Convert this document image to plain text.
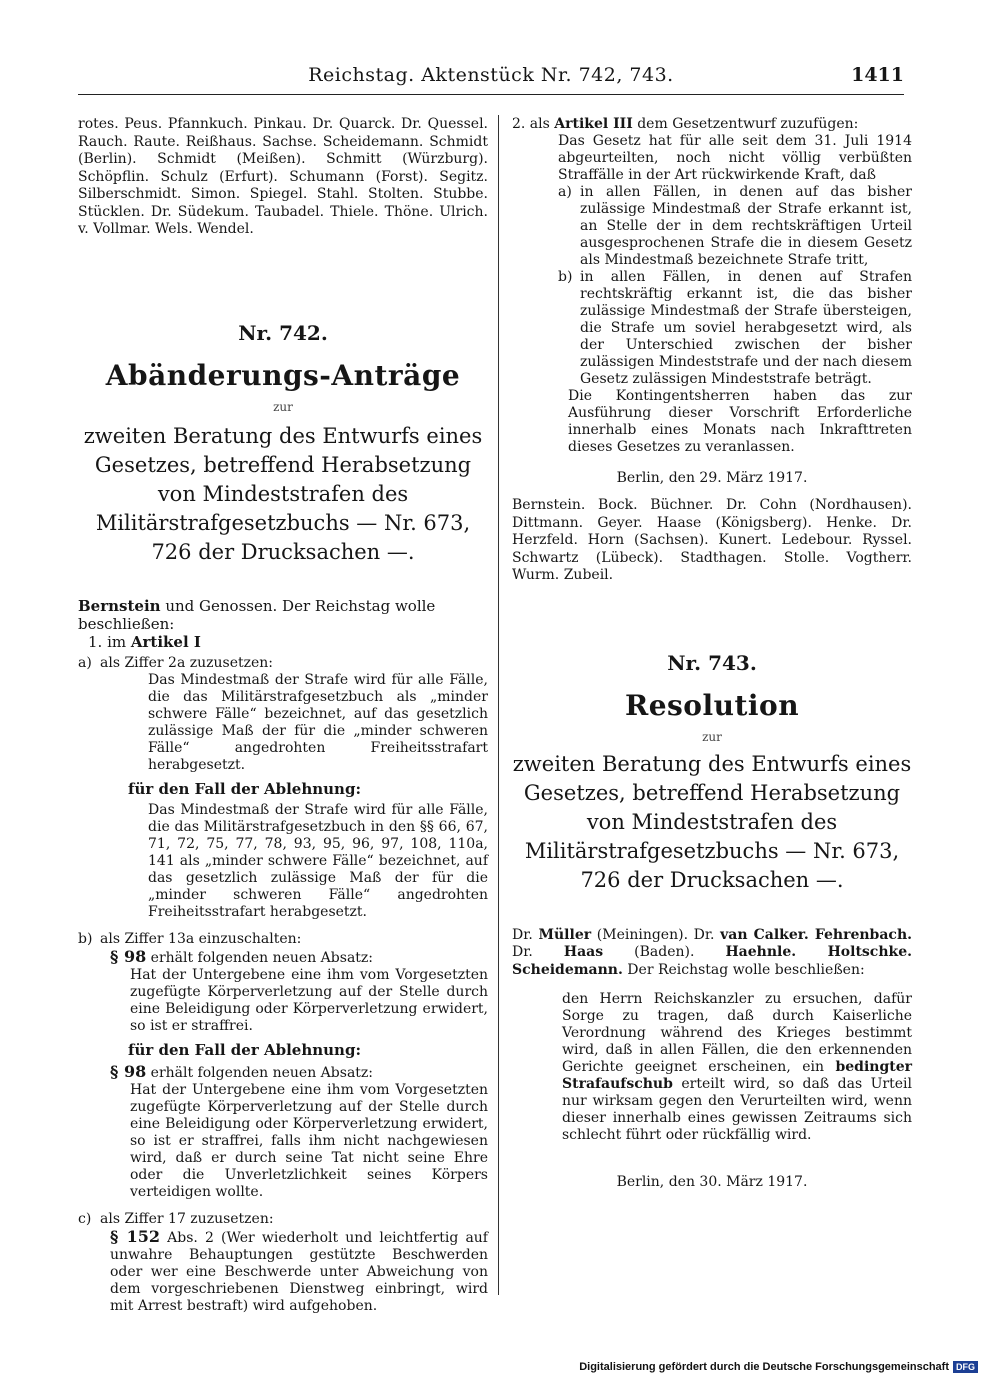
Reichstag. Aktenstück Nr. 742, 743.	1411

rotes. Peus. Pfannkuch. Pinkau. Dr. Quarck. Dr. Quessel. Rauch. Raute. Reißhaus. Sachse. Scheidemann. Schmidt (Berlin). Schmidt (Meißen). Schmitt (Würzburg). Schöpflin. Schulz (Erfurt). Schumann (Forst). Segitz. Silberschmidt. Simon. Spiegel. Stahl. Stolten. Stubbe. Stücklen. Dr. Südekum. Taubadel. Thiele. Thöne. Ulrich. v. Vollmar. Wels. Wendel.

Nr. 742.
Abänderungs-Anträge
zur
zweiten Beratung des Entwurfs eines Gesetzes, betreffend Herabsetzung von Mindeststrafen des Militärstrafgesetzbuchs — Nr. 673, 726 der Drucksachen —.

Bernstein und Genossen. Der Reichstag wolle beschließen:

1. im Artikel I

a) als Ziffer 2a zuzusetzen:

Das Mindestmaß der Strafe wird für alle Fälle, die das Militärstrafgesetzbuch als „minder schwere Fälle“ bezeichnet, auf das gesetzlich zulässige Maß der für die „minder schweren Fälle“ angedrohten Freiheitsstrafart herabgesetzt.

für den Fall der Ablehnung:

Das Mindestmaß der Strafe wird für alle Fälle, die das Militärstrafgesetzbuch in den §§ 66, 67, 71, 72, 75, 77, 78, 93, 95, 96, 97, 108, 110a, 141 als „minder schwere Fälle“ bezeichnet, auf das gesetzlich zulässige Maß der für die „minder schweren Fälle“ angedrohten Freiheitsstrafart herabgesetzt.

b) als Ziffer 13a einzuschalten:

§ 98 erhält folgenden neuen Absatz:

Hat der Untergebene eine ihm vom Vorgesetzten zugefügte Körperverletzung auf der Stelle durch eine Beleidigung oder Körperverletzung erwidert, so ist er straffrei.

für den Fall der Ablehnung:

§ 98 erhält folgenden neuen Absatz:

Hat der Untergebene eine ihm vom Vorgesetzten zugefügte Körperverletzung auf der Stelle durch eine Beleidigung oder Körperverletzung erwidert, so ist er straffrei, falls ihm nicht nachgewiesen wird, daß er durch seine Tat nicht seine Ehre oder die Unverletzlichkeit seines Körpers verteidigen wollte.

c) als Ziffer 17 zuzusetzen:

§ 152 Abs. 2 (Wer wiederholt und leichtfertig auf unwahre Behauptungen gestützte Beschwerden oder wer eine Beschwerde unter Abweichung von dem vorgeschriebenen Dienstweg einbringt, wird mit Arrest bestraft) wird aufgehoben.

2. als Artikel III dem Gesetzentwurf zuzufügen:

Das Gesetz hat für alle seit dem 31. Juli 1914 abgeurteilten, noch nicht völlig verbüßten Straffälle in der Art rückwirkende Kraft, daß

a) in allen Fällen, in denen auf das bisher zulässige Mindestmaß der Strafe erkannt ist, an Stelle der in dem rechtskräftigen Urteil ausgesprochenen Strafe die in diesem Gesetz als Mindestmaß bezeichnete Strafe tritt,
b) in allen Fällen, in denen auf Strafen rechtskräftig erkannt ist, die das bisher zulässige Mindestmaß der Strafe übersteigen, die Strafe um soviel herabgesetzt wird, als der Unterschied zwischen der bisher zulässigen Mindeststrafe und der nach diesem Gesetz zulässigen Mindeststrafe beträgt.

Die Kontingentsherren haben das zur Ausführung dieser Vorschrift Erforderliche innerhalb eines Monats nach Inkrafttreten dieses Gesetzes zu veranlassen.

Berlin, den 29. März 1917.

Bernstein. Bock. Büchner. Dr. Cohn (Nordhausen). Dittmann. Geyer. Haase (Königsberg). Henke. Dr. Herzfeld. Horn (Sachsen). Kunert. Ledebour. Ryssel. Schwartz (Lübeck). Stadthagen. Stolle. Vogtherr. Wurm. Zubeil.

Nr. 743.
Resolution
zur
zweiten Beratung des Entwurfs eines Gesetzes, betreffend Herabsetzung von Mindeststrafen des Militärstrafgesetzbuchs — Nr. 673, 726 der Drucksachen —.

Dr. Müller (Meiningen). Dr. van Calker. Fehrenbach. Dr. Haas (Baden). Haehnle. Holtschke. Scheidemann. Der Reichstag wolle beschließen:

den Herrn Reichskanzler zu ersuchen, dafür Sorge zu tragen, daß durch Kaiserliche Verordnung während des Krieges bestimmt wird, daß in allen Fällen, die den erkennenden Gerichte geeignet erscheinen, ein bedingter Strafaufschub erteilt wird, so daß das Urteil nur wirksam gegen den Verurteilten wird, wenn dieser innerhalb eines gewissen Zeitraums sich schlecht führt oder rückfällig wird.

Berlin, den 30. März 1917.

Digitalisierung gefördert durch die Deutsche Forschungsgemeinschaft DFG
